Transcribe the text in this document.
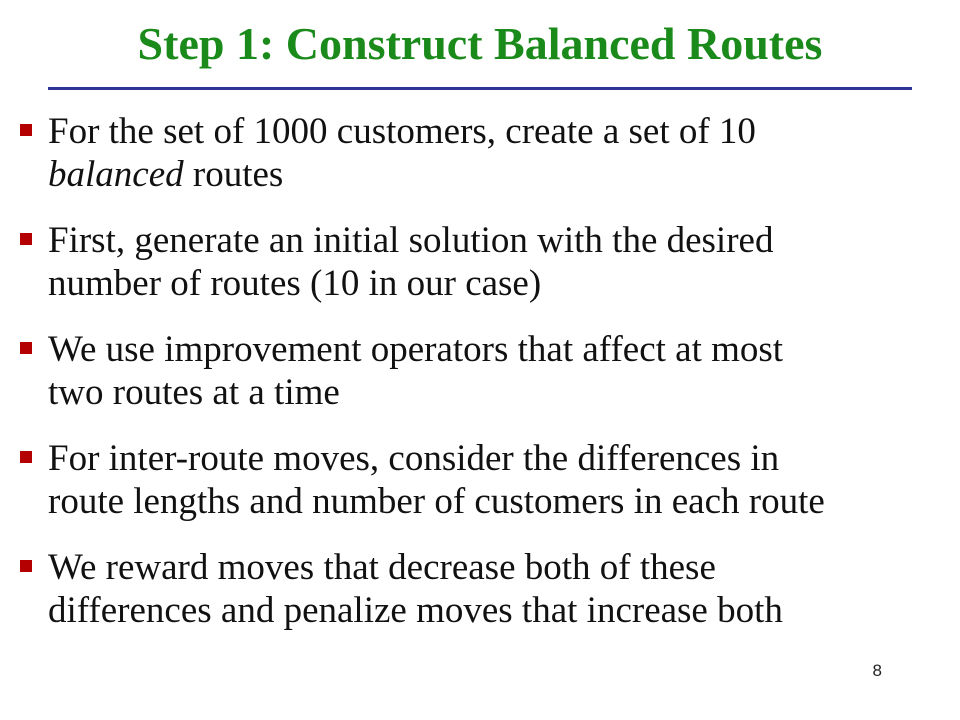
Step 1: Construct Balanced Routes
For the set of 1000 customers, create a set of 10
balanced routes
First, generate an initial solution with the desired
number of routes (10 in our case)
We use improvement operators that affect at most
two routes at a time
For inter-route moves, consider the differences in
route lengths and number of customers in each route
We reward moves that decrease both of these
differences and penalize moves that increase both
8
